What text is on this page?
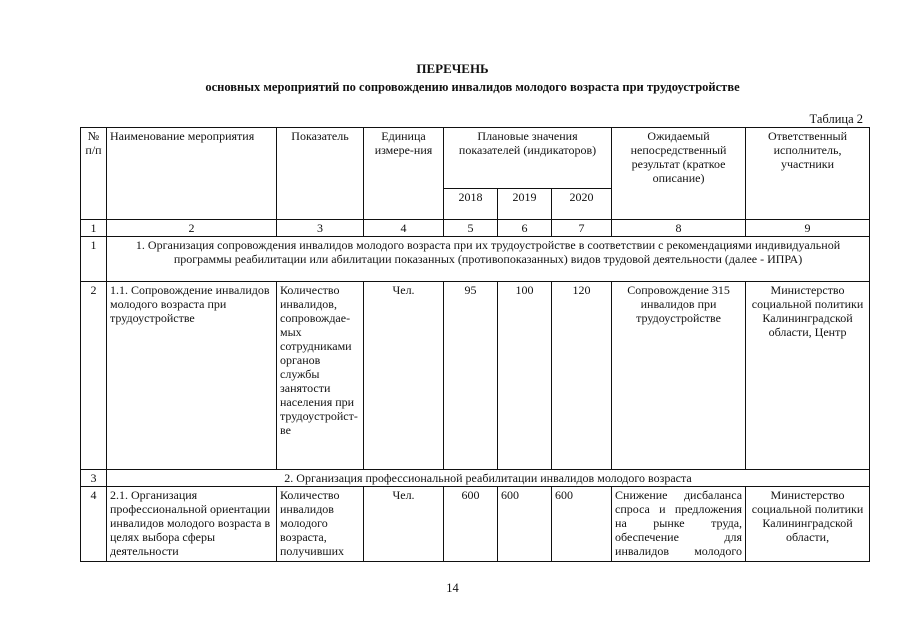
ПЕРЕЧЕНЬ
основных мероприятий по сопровождению инвалидов молодого возраста при трудоустройстве
Таблица 2
№ п/п	Наименование мероприятия	Показатель	Единица измере-ния	Плановые значения показателей (индикаторов)			Ожидаемый непосредственный результат (краткое описание)	Ответственный исполнитель, участники
				2018	2019	2020		
1	2	3	4	5	6	7	8	9
1	1. Организация сопровождения инвалидов молодого возраста при их трудоустройстве в соответствии с рекомендациями индивидуальной программы реабилитации или абилитации показанных (противопоказанных) видов трудовой деятельности (далее - ИПРА)							
2	1.1. Сопровождение инвалидов молодого возраста при трудоустройстве	Количество инвалидов, сопровождае-мых сотрудниками органов службы занятости населения при трудоустройст-ве	Чел.	95	100	120	Сопровождение 315 инвалидов при трудоустройстве	Министерство социальной политики Калининградской области, Центр
3	2. Организация профессиональной реабилитации инвалидов молодого возраста							
4	2.1. Организация профессиональной ориентации инвалидов молодого возраста в целях выбора сферы деятельности	Количество инвалидов молодого возраста, получивших	Чел.	600	600	600	Снижение дисбаланса спроса и предложения на рынке труда, обеспечение для инвалидов молодого	Министерство социальной политики Калининградской области,
14
